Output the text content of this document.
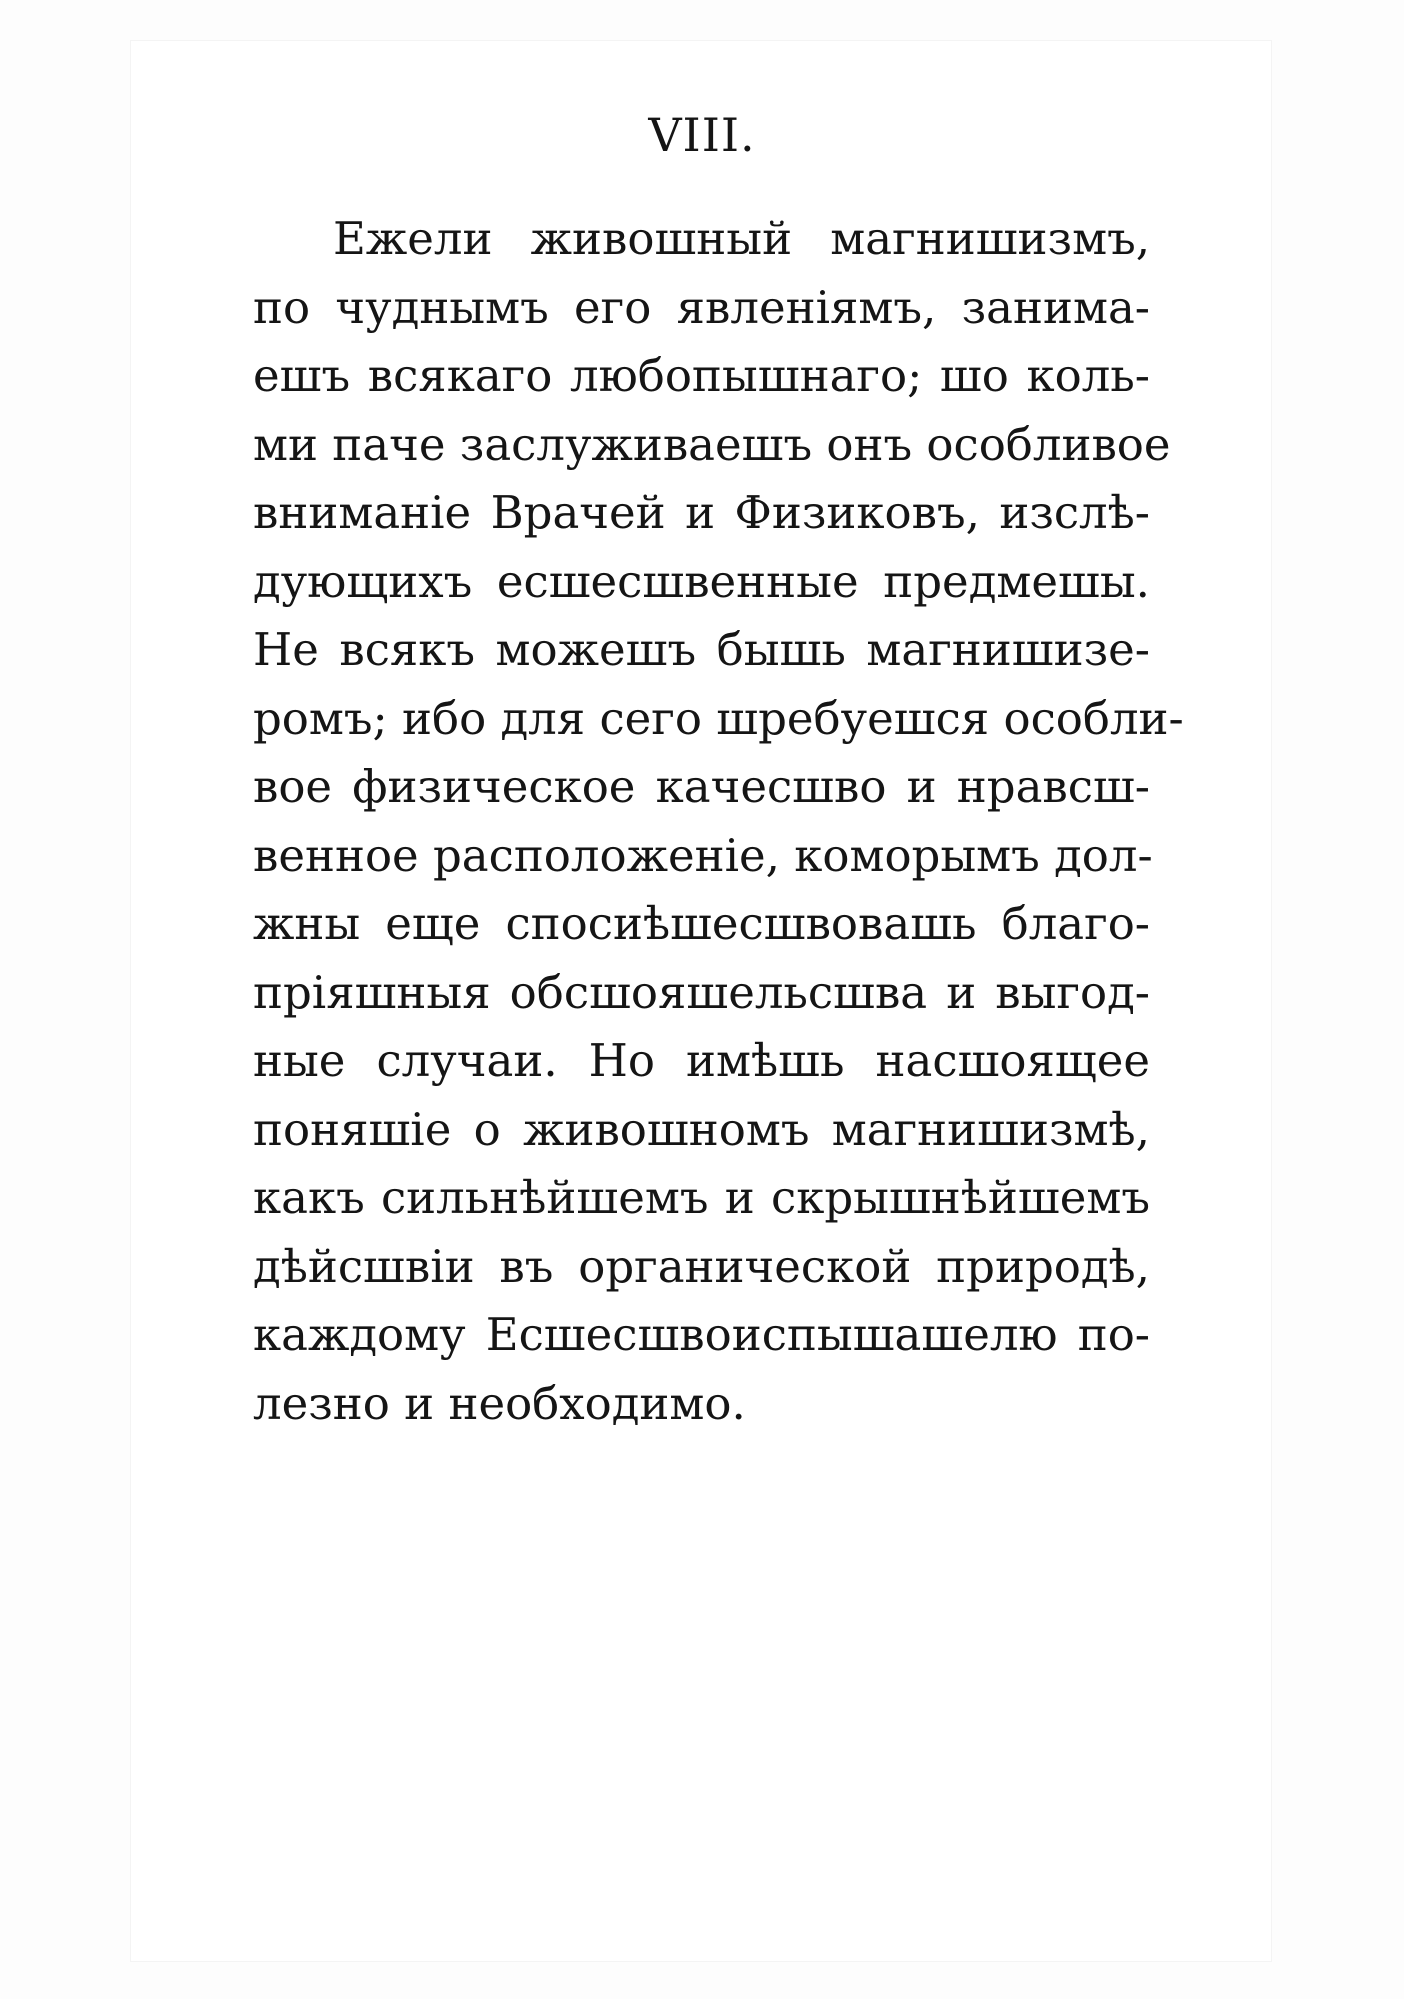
VIII.
Ежели живошный магнишизмъ,
по чуднымъ его явленіямъ, занима-
ешъ всякаго любопышнаго; шо коль-
ми паче заслуживаешъ онъ особливое
вниманіе Врачей и Физиковъ, изслѣ-
дующихъ есшесшвенные предмешы.
Не всякъ можешъ бышь магнишизе-
ромъ; ибо для сего шребуешся особли-
вое физическое качесшво и нравсш-
венное расположеніе, коморымъ дол-
жны еще спосиѣшесшвовашь благо-
пріяшныя обсшояшельсшва и выгод-
ные случаи. Но имѣшь насшоящее
поняшіе о живошномъ магнишизмѣ,
какъ сильнѣйшемъ и скрышнѣйшемъ
дѣйсшвіи въ органической природѣ,
каждому Есшесшвоиспышашелю по-
лезно и необходимо.
